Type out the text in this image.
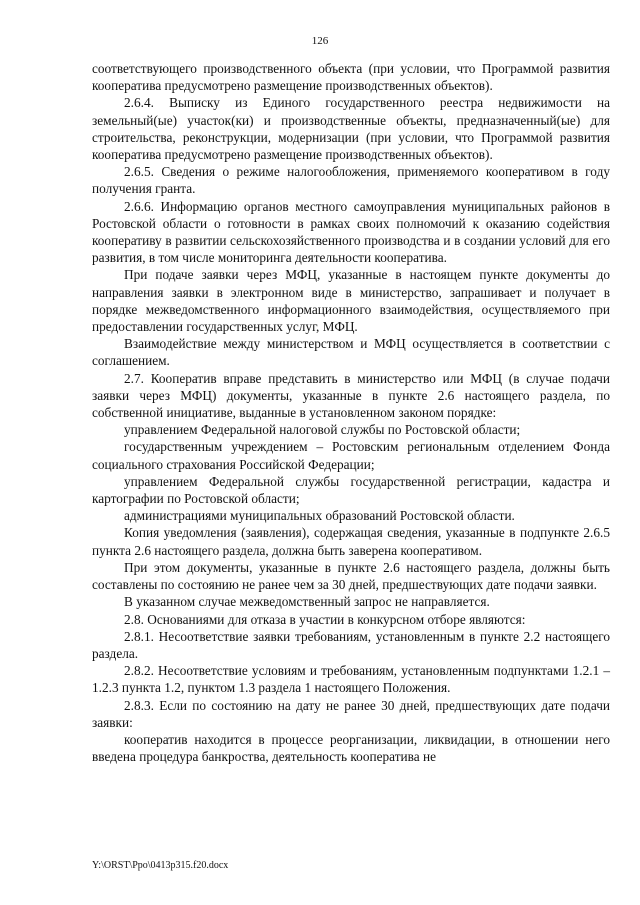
126

соответствующего производственного объекта (при условии, что Программой развития кооператива предусмотрено размещение производственных объектов).

2.6.4. Выписку из Единого государственного реестра недвижимости на земельный(ые) участок(ки) и производственные объекты, предназначенный(ые) для строительства, реконструкции, модернизации (при условии, что Программой развития кооператива предусмотрено размещение производственных объектов).

2.6.5. Сведения о режиме налогообложения, применяемого кооперативом в году получения гранта.

2.6.6. Информацию органов местного самоуправления муниципальных районов в Ростовской области о готовности в рамках своих полномочий к оказанию содействия кооперативу в развитии сельскохозяйственного производства и в создании условий для его развития, в том числе мониторинга деятельности кооператива.

При подаче заявки через МФЦ, указанные в настоящем пункте документы до направления заявки в электронном виде в министерство, запрашивает и получает в порядке межведомственного информационного взаимодействия, осуществляемого при предоставлении государственных услуг, МФЦ.

Взаимодействие между министерством и МФЦ осуществляется в соответствии с соглашением.

2.7. Кооператив вправе представить в министерство или МФЦ (в случае подачи заявки через МФЦ) документы, указанные в пункте 2.6 настоящего раздела, по собственной инициативе, выданные в установленном законом порядке:

управлением Федеральной налоговой службы по Ростовской области;

государственным учреждением – Ростовским региональным отделением Фонда социального страхования Российской Федерации;

управлением Федеральной службы государственной регистрации, кадастра и картографии по Ростовской области;

администрациями муниципальных образований Ростовской области.

Копия уведомления (заявления), содержащая сведения, указанные в подпункте 2.6.5 пункта 2.6 настоящего раздела, должна быть заверена кооперативом.

При этом документы, указанные в пункте 2.6 настоящего раздела, должны быть составлены по состоянию не ранее чем за 30 дней, предшествующих дате подачи заявки.

В указанном случае межведомственный запрос не направляется.

2.8. Основаниями для отказа в участии в конкурсном отборе являются:

2.8.1. Несоответствие заявки требованиям, установленным в пункте 2.2 настоящего раздела.

2.8.2. Несоответствие условиям и требованиям, установленным подпунктами 1.2.1 – 1.2.3 пункта 1.2, пунктом 1.3 раздела 1 настоящего Положения.

2.8.3. Если по состоянию на дату не ранее 30 дней, предшествующих дате подачи заявки:

кооператив находится в процессе реорганизации, ликвидации, в отношении него введена процедура банкроства, деятельность кооператива не

Y:\ORST\Ppo\0413p315.f20.docx
